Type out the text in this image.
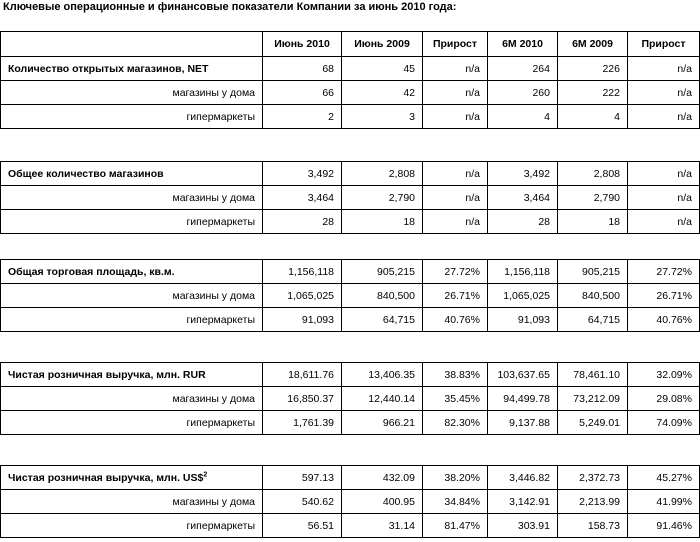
Ключевые операционные и финансовые показатели Компании за июнь 2010 года:
	Июнь 2010	Июнь 2009	Прирост	6М 2010	6М 2009	Прирост
Количество открытых магазинов, NET	68	45	n/a	264	226	n/a
магазины у дома	66	42	n/a	260	222	n/a
гипермаркеты	2	3	n/a	4	4	n/a
Общее количество магазинов	3,492	2,808	n/a	3,492	2,808	n/a
магазины у дома	3,464	2,790	n/a	3,464	2,790	n/a
гипермаркеты	28	18	n/a	28	18	n/a
Общая торговая площадь, кв.м.	1,156,118	905,215	27.72%	1,156,118	905,215	27.72%
магазины у дома	1,065,025	840,500	26.71%	1,065,025	840,500	26.71%
гипермаркеты	91,093	64,715	40.76%	91,093	64,715	40.76%
Чистая розничная выручка, млн. RUR	18,611.76	13,406.35	38.83%	103,637.65	78,461.10	32.09%
магазины у дома	16,850.37	12,440.14	35.45%	94,499.78	73,212.09	29.08%
гипермаркеты	1,761.39	966.21	82.30%	9,137.88	5,249.01	74.09%
Чистая розничная выручка, млн. US\$$^2$	597.13	432.09	38.20%	3,446.82	2,372.73	45.27%
магазины у дома	540.62	400.95	34.84%	3,142.91	2,213.99	41.99%
гипермаркеты	56.51	31.14	81.47%	303.91	158.73	91.46%
